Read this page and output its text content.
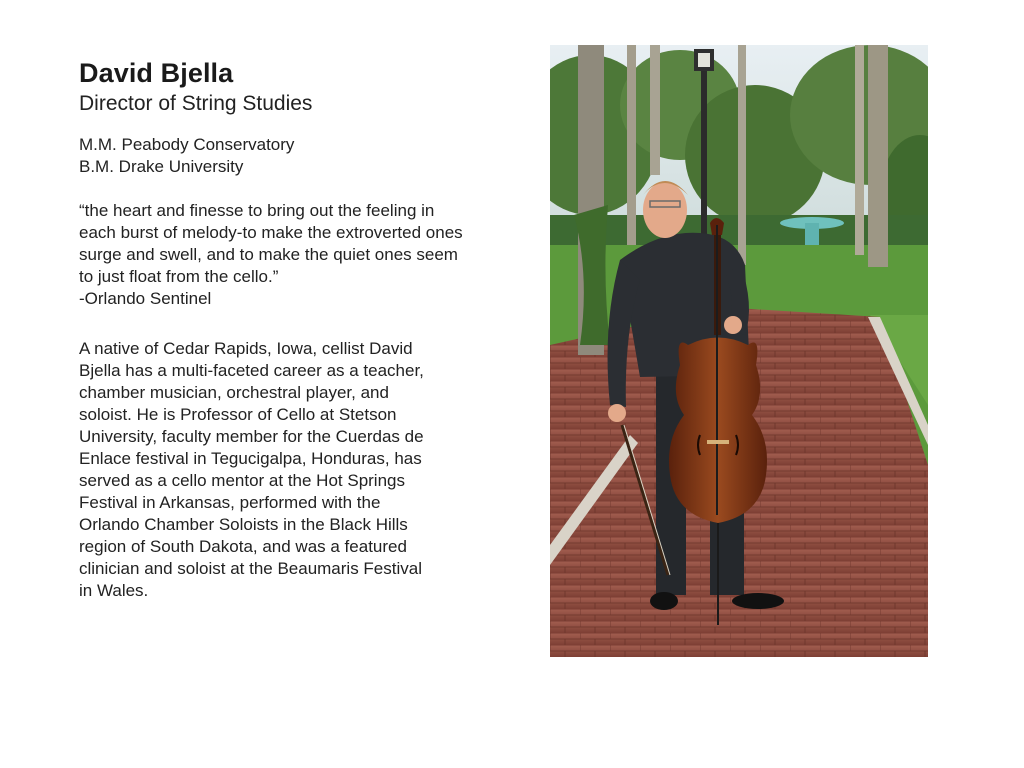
David Bjella
Director of String Studies
M.M. Peabody Conservatory
B.M. Drake University
“the heart and finesse to bring out the feeling in
each burst of melody-to make the extroverted ones
surge and swell, and to make the quiet ones seem
to just float from the cello.”
-Orlando Sentinel
A native of Cedar Rapids, Iowa, cellist David
Bjella has a multi-faceted career as a teacher,
chamber musician, orchestral player, and
soloist. He is Professor of Cello at Stetson
University, faculty member for the Cuerdas de
Enlace festival in Tegucigalpa, Honduras, has
served as a cello mentor at the Hot Springs
Festival in Arkansas, performed with the
Orlando Chamber Soloists in the Black Hills
region of South Dakota, and was a featured
clinician and soloist at the Beaumaris Festival
in Wales.
